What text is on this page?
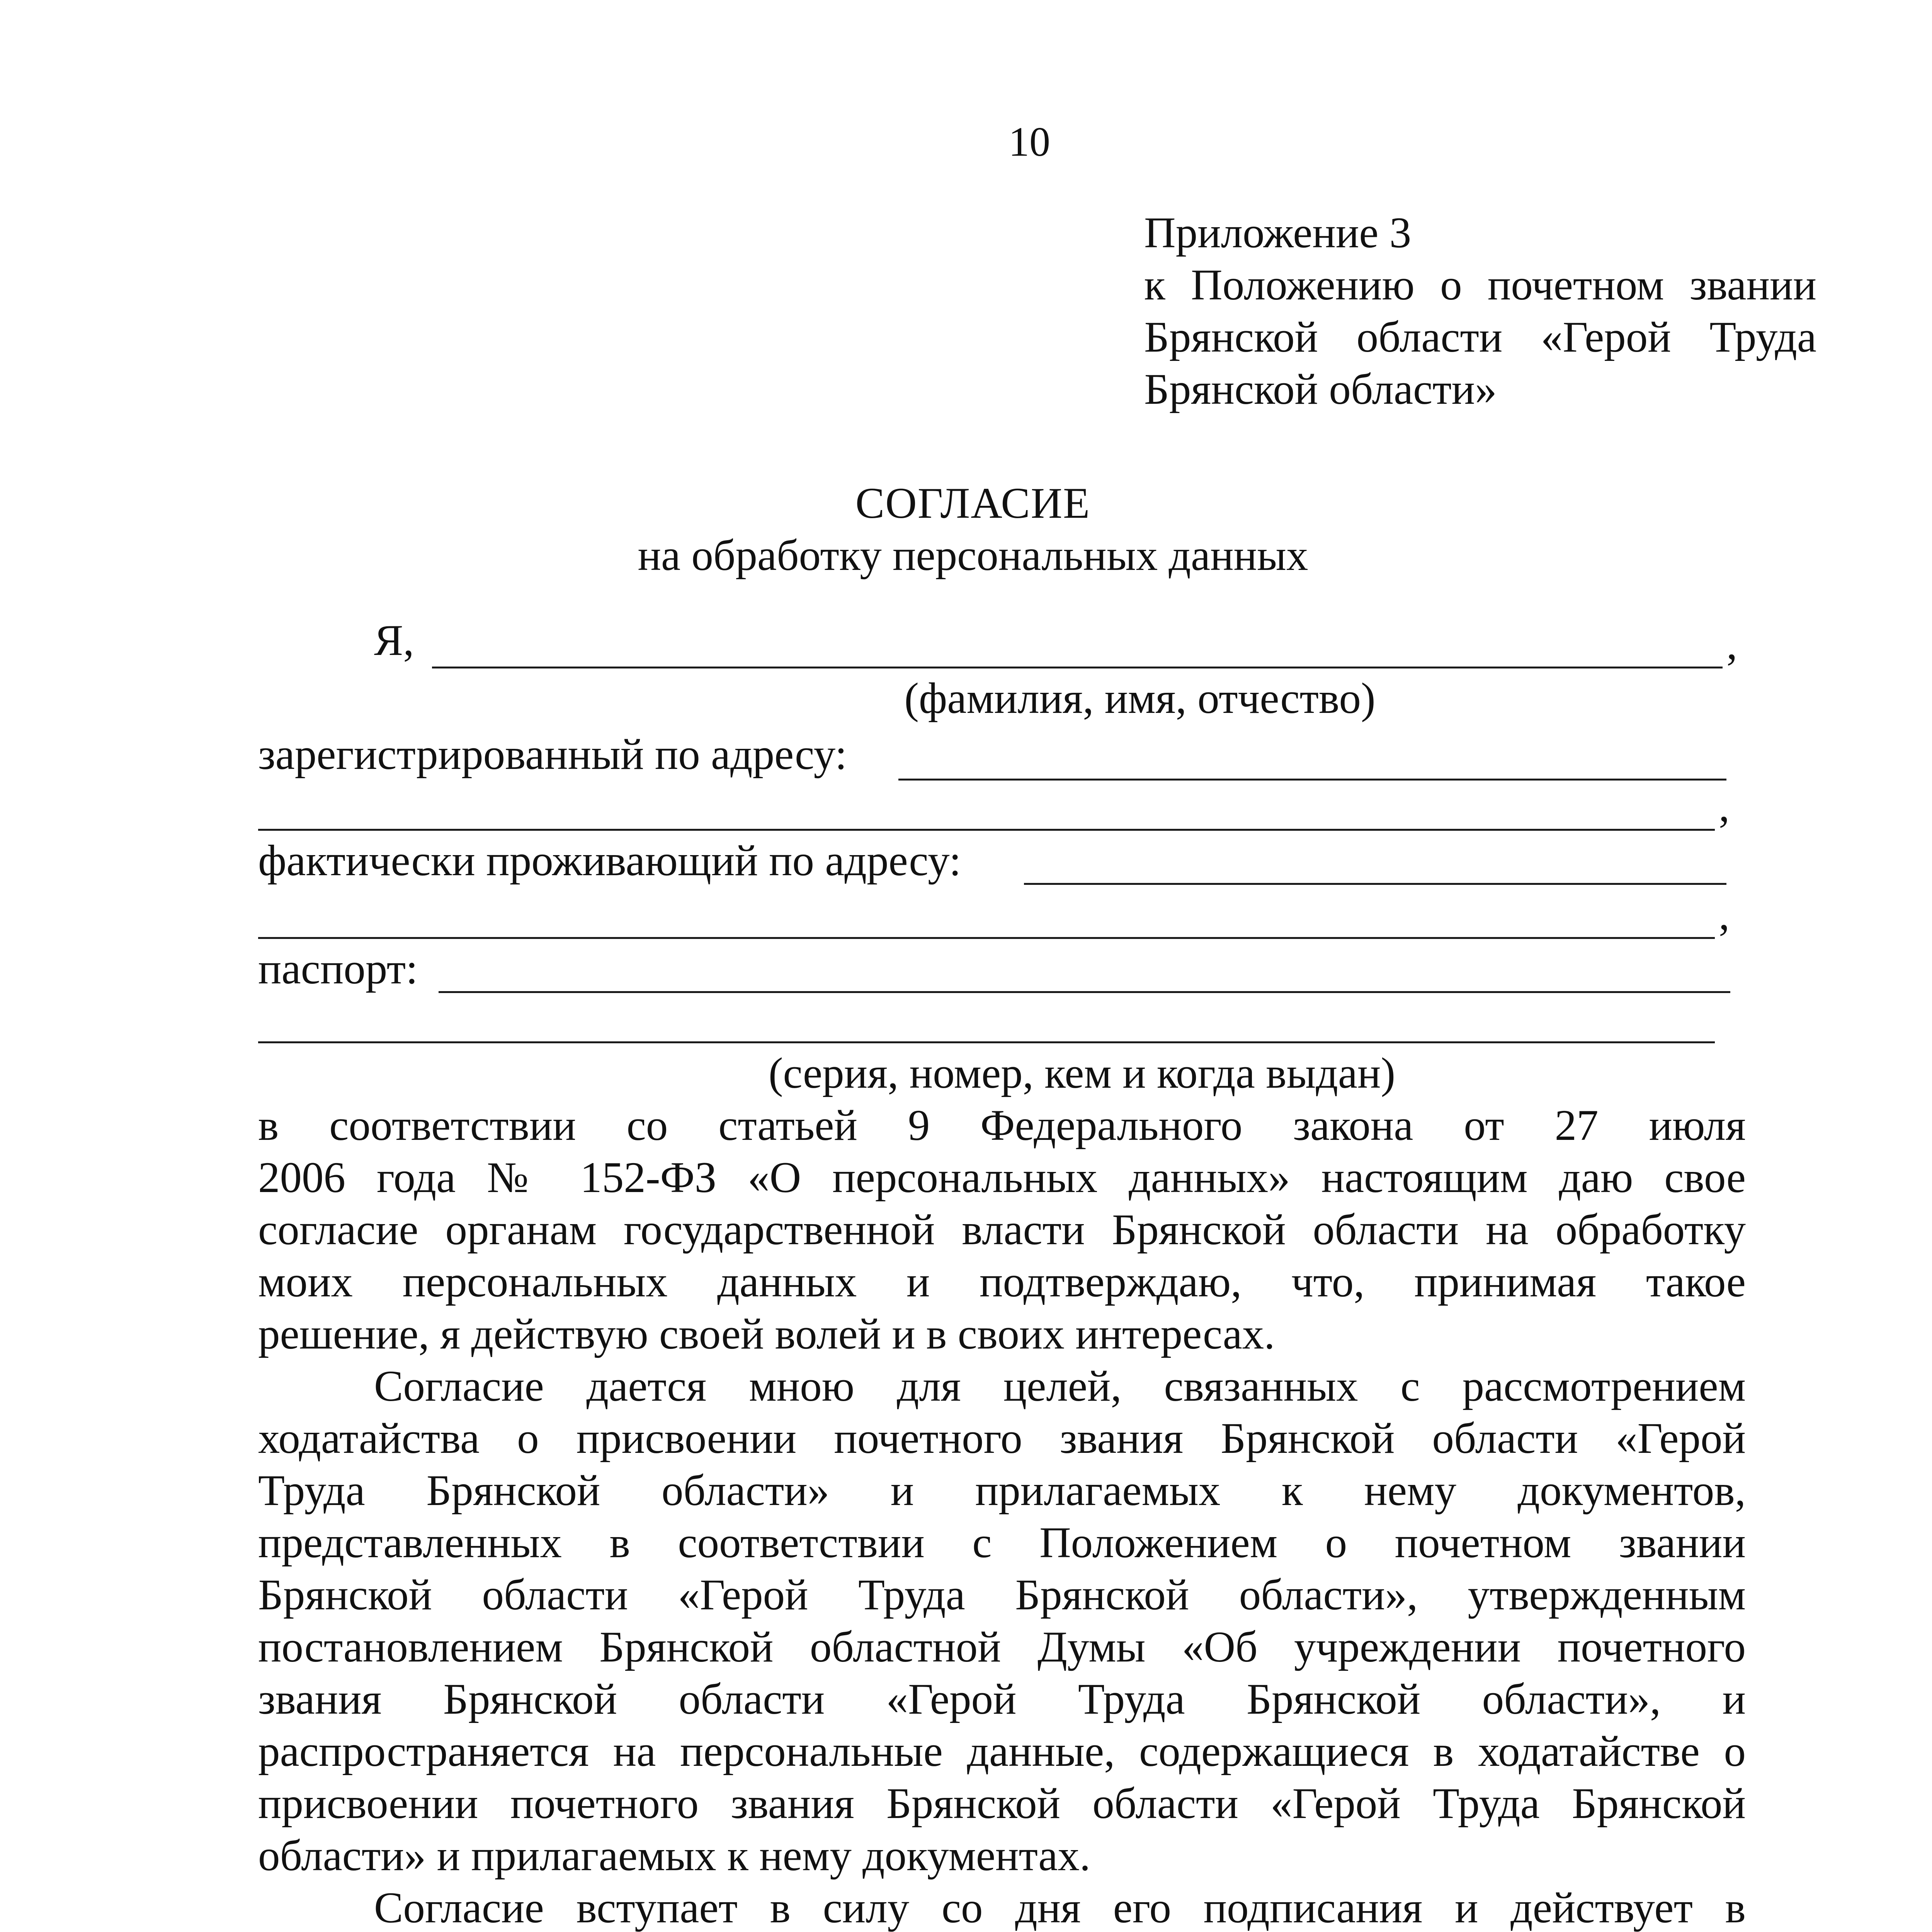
10
Приложение 3
к Положению о почетном звании
Брянской области «Герой Труда
Брянской области»
СОГЛАСИЕ
на обработку персональных данных
Я,	,
(фамилия, имя, отчество)
зарегистрированный по адресу:
,
фактически проживающий по адресу:
,
паспорт:
(серия, номер, кем и когда выдан)
в соответствии со статьей 9 Федерального закона от 27 июля
2006 года № 152-ФЗ «О персональных данных» настоящим даю свое
согласие органам государственной власти Брянской области на обработку
моих персональных данных и подтверждаю, что, принимая такое
решение, я действую своей волей и в своих интересах.
Согласие дается мною для целей, связанных с рассмотрением
ходатайства о присвоении почетного звания Брянской области «Герой
Труда Брянской области» и прилагаемых к нему документов,
представленных в соответствии с Положением о почетном звании
Брянской области «Герой Труда Брянской области», утвержденным
постановлением Брянской областной Думы «Об учреждении почетного
звания Брянской области «Герой Труда Брянской области», и
распространяется на персональные данные, содержащиеся в ходатайстве о
присвоении почетного звания Брянской области «Герой Труда Брянской
области» и прилагаемых к нему документах.
Согласие вступает в силу со дня его подписания и действует в
